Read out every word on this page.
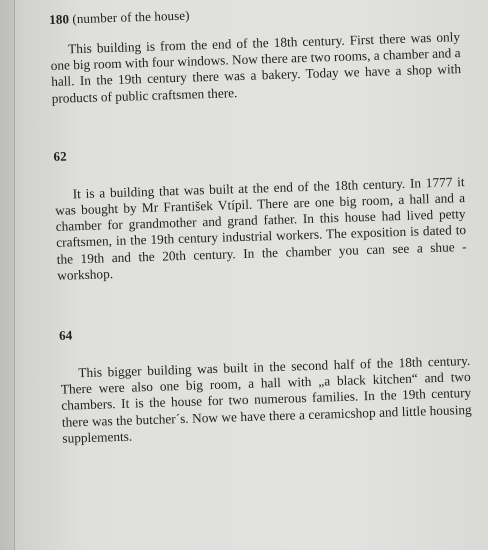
180 (number of the house)

This building is from the end of the 18th century. First there was only one big room with four windows. Now there are two rooms, a chamber and a hall. In the 19th century there was a bakery. Today we have a shop with products of public craftsmen there.

62

It is a building that was built at the end of the 18th century. In 1777 it was bought by Mr František Vtípil. There are one big room, a hall and a chamber for grandmother and grand father. In this house had lived petty craftsmen, in the 19th century industrial workers. The exposition is dated to the 19th and the 20th century. In the chamber you can see a shue - workshop.

64

This bigger building was built in the second half of the 18th century. There were also one big room, a hall with „a black kitchen“ and two chambers. It is the house for two numerous families. In the 19th century there was the butcher´s. Now we have there a ceramicshop and little housing supplements.
